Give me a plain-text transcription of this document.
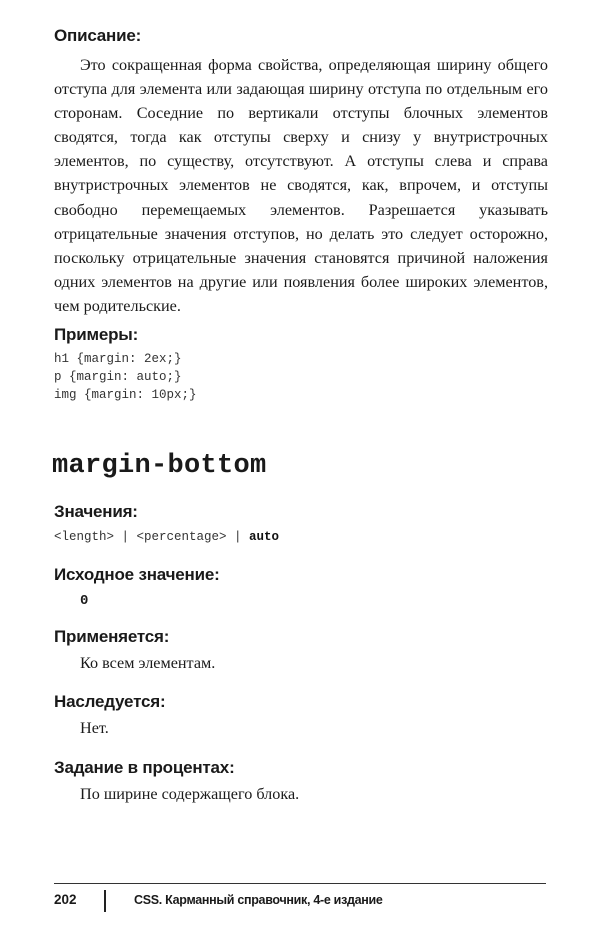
Описание:
Это сокращенная форма свойства, определяющая ширину общего отступа для элемента или задающая ширину отступа по отдельным его сторонам. Соседние по вертикали отступы блочных элементов сводятся, тогда как отступы сверху и снизу у внутристрочных элементов, по существу, отсутствуют. А отступы слева и справа внутристрочных элементов не сводятся, как, впрочем, и отступы свободно перемещаемых элементов. Разрешается указывать отрицательные значения отступов, но делать это следует осторожно, поскольку отрицательные значения становятся причиной наложения одних элементов на другие или появления более широких элементов, чем родительские.
Примеры:
h1 {margin: 2ex;}
p {margin: auto;}
img {margin: 10px;}
margin-bottom
Значения:
<length> | <percentage> | auto
Исходное значение:
0
Применяется:
Ко всем элементам.
Наследуется:
Нет.
Задание в процентах:
По ширине содержащего блока.
202	CSS. Карманный справочник, 4-е издание
